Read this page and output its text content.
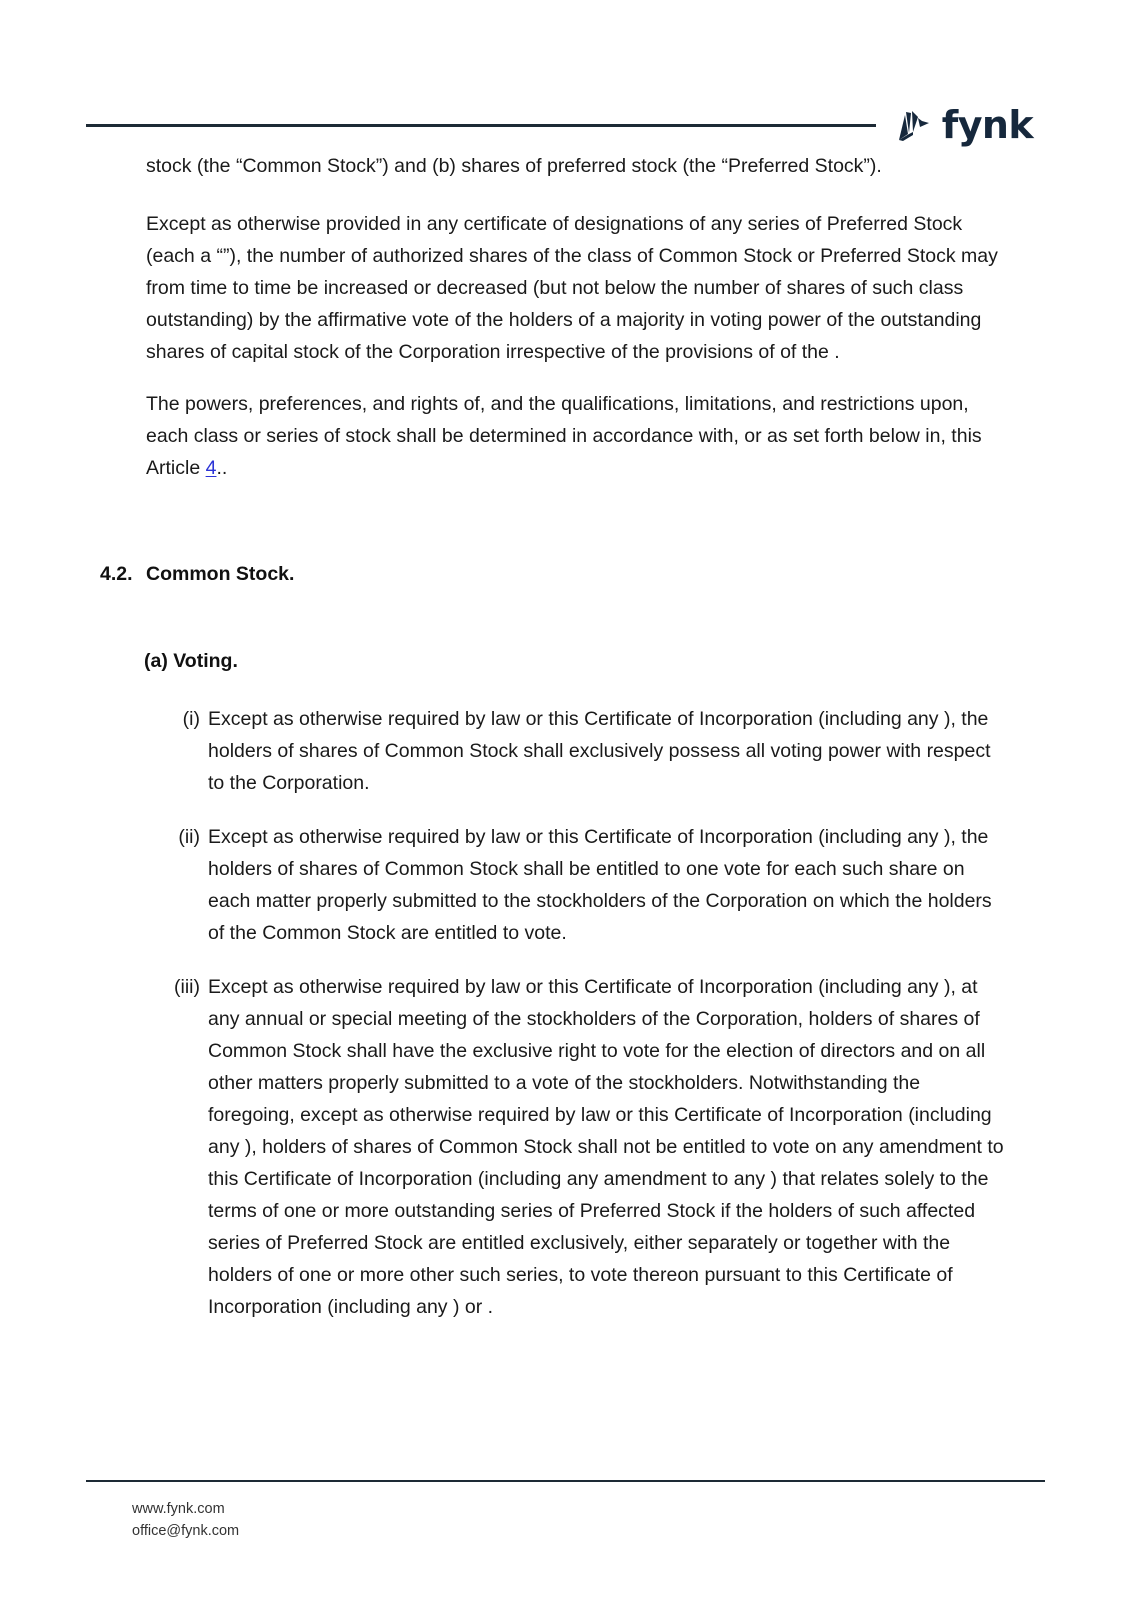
fynk

stock (the “Common Stock”) and (b) shares of preferred stock (the “Preferred Stock”).

Except as otherwise provided in any certificate of designations of any series of Preferred Stock (each a “”), the number of authorized shares of the class of Common Stock or Preferred Stock may from time to time be increased or decreased (but not below the number of shares of such class outstanding) by the affirmative vote of the holders of a majority in voting power of the outstanding shares of capital stock of the Corporation irrespective of the provisions of of the .

The powers, preferences, and rights of, and the qualifications, limitations, and restrictions upon, each class or series of stock shall be determined in accordance with, or as set forth below in, this Article 4..

4.2. Common Stock.
(a) Voting.
(i) Except as otherwise required by law or this Certificate of Incorporation (including any ), the holders of shares of Common Stock shall exclusively possess all voting power with respect to the Corporation.
(ii) Except as otherwise required by law or this Certificate of Incorporation (including any ), the holders of shares of Common Stock shall be entitled to one vote for each such share on each matter properly submitted to the stockholders of the Corporation on which the holders of the Common Stock are entitled to vote.
(iii) Except as otherwise required by law or this Certificate of Incorporation (including any ), at any annual or special meeting of the stockholders of the Corporation, holders of shares of Common Stock shall have the exclusive right to vote for the election of directors and on all other matters properly submitted to a vote of the stockholders. Notwithstanding the foregoing, except as otherwise required by law or this Certificate of Incorporation (including any ), holders of shares of Common Stock shall not be entitled to vote on any amendment to this Certificate of Incorporation (including any amendment to any ) that relates solely to the terms of one or more outstanding series of Preferred Stock if the holders of such affected series of Preferred Stock are entitled exclusively, either separately or together with the holders of one or more other such series, to vote thereon pursuant to this Certificate of Incorporation (including any ) or .
www.fynk.com
office@fynk.com
